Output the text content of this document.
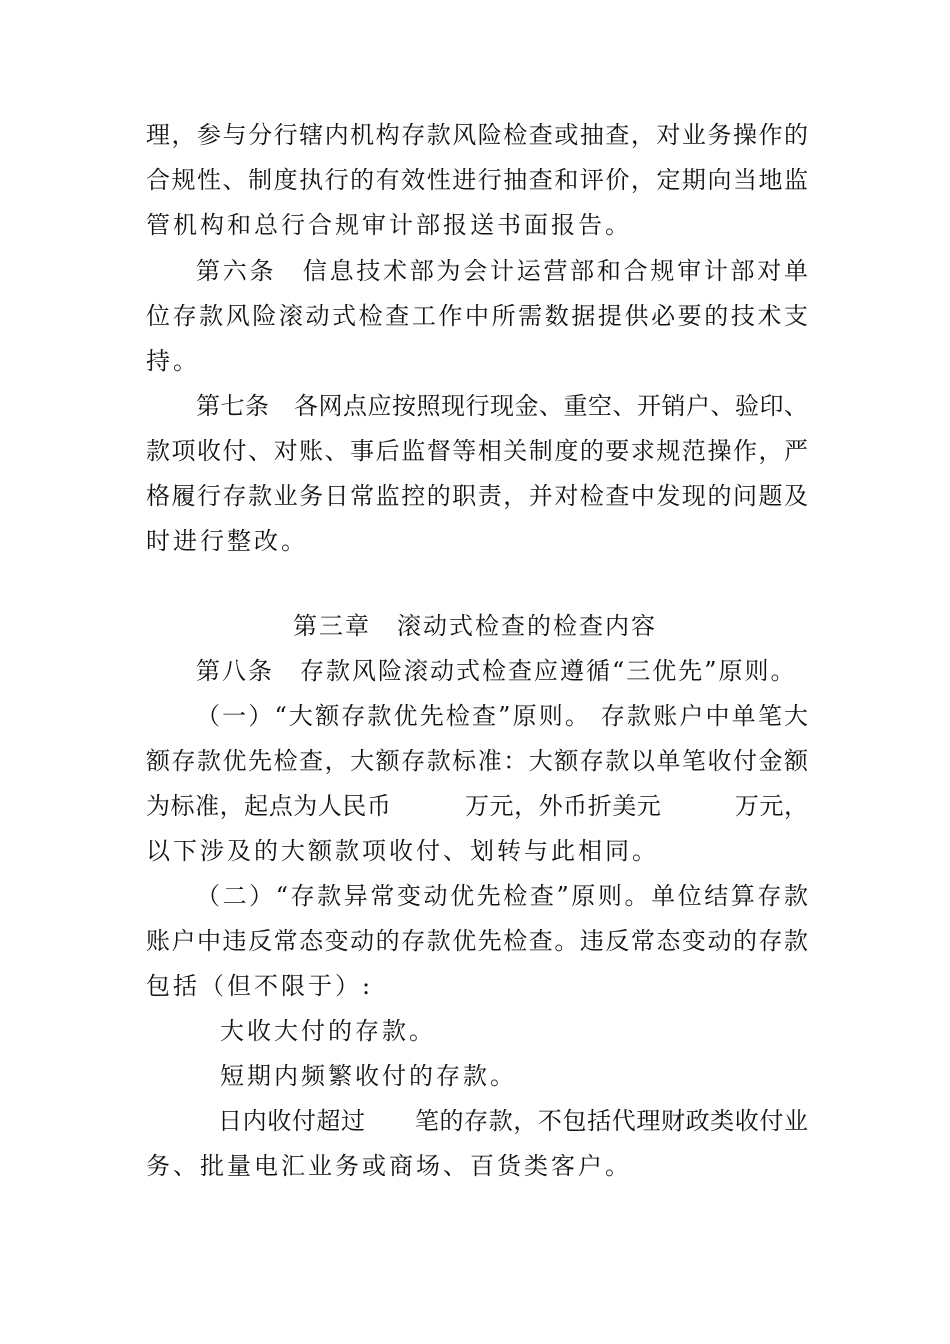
理，参与分行辖内机构存款风险检查或抽查，对业务操作的
合规性、制度执行的有效性进行抽查和评价，定期向当地监
管机构和总行合规审计部报送书面报告。
第六条　信息技术部为会计运营部和合规审计部对单
位存款风险滚动式检查工作中所需数据提供必要的技术支
持。
第七条　各网点应按照现行现金、重空、开销户、验印、
款项收付、对账、事后监督等相关制度的要求规范操作，严
格履行存款业务日常监控的职责，并对检查中发现的问题及
时进行整改。
第三章　滚动式检查的检查内容
第八条　存款风险滚动式检查应遵循“三优先”原则。
（一）“大额存款优先检查”原则。 存款账户中单笔大
额存款优先检查，大额存款标准：大额存款以单笔收付金额
为标准，起点为人民币　　　万元，外币折美元　　　万元，
以下涉及的大额款项收付、划转与此相同。
（二）“存款异常变动优先检查”原则。单位结算存款
账户中违反常态变动的存款优先检查。违反常态变动的存款
包括（但不限于）:
大收大付的存款。
短期内频繁收付的存款。
日内收付超过　　笔的存款，不包括代理财政类收付业
务、批量电汇业务或商场、百货类客户。
